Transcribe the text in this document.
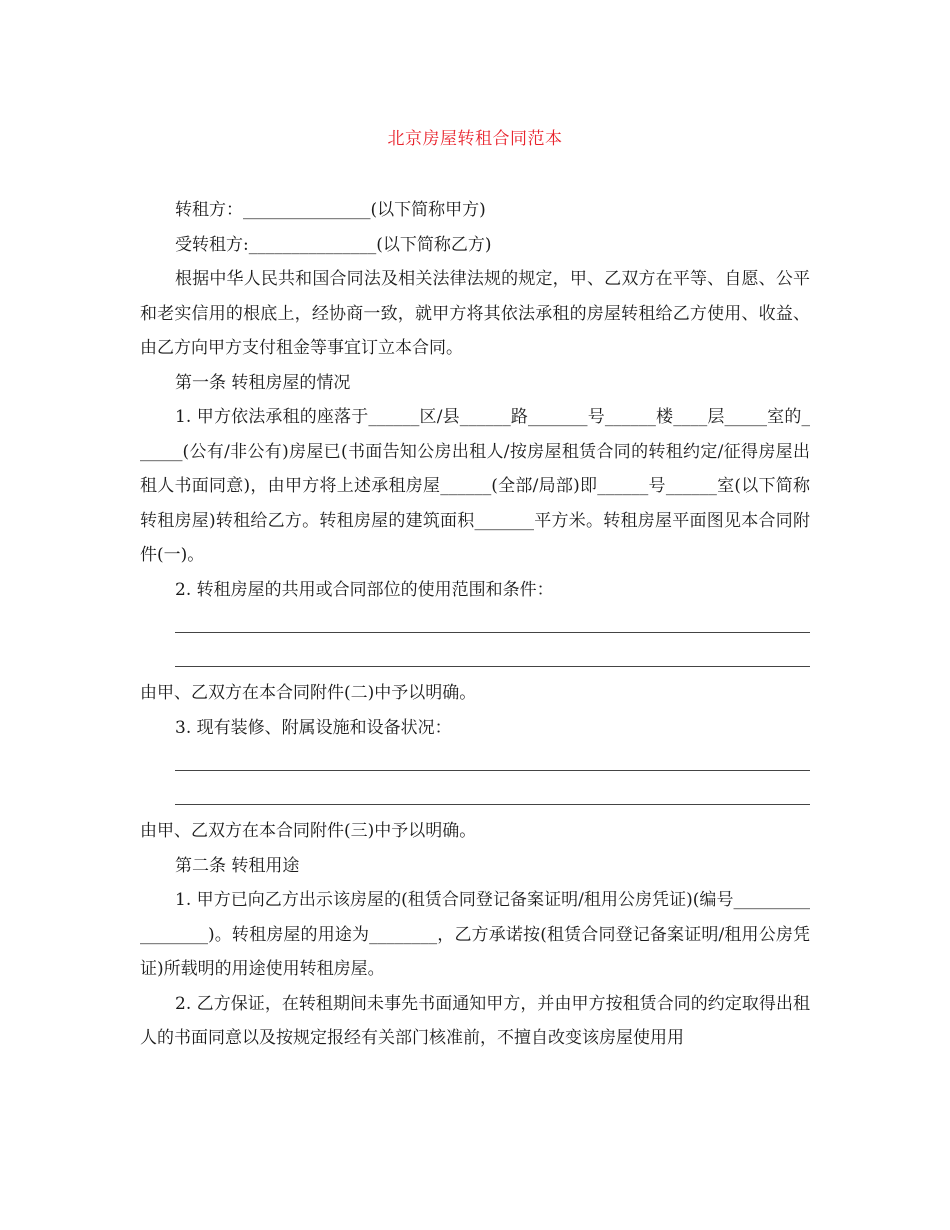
北京房屋转租合同范本

转租方：_______________(以下简称甲方)

受转租方:_______________(以下简称乙方)

根据中华人民共和国合同法及相关法律法规的规定，甲、乙双方在平等、自愿、公平和老实信用的根底上，经协商一致，就甲方将其依法承租的房屋转租给乙方使用、收益、由乙方向甲方支付租金等事宜订立本合同。

第一条 转租房屋的情况

1. 甲方依法承租的座落于______区/县______路_______号______楼____层_____室的______(公有/非公有)房屋已(书面告知公房出租人/按房屋租赁合同的转租约定/征得房屋出租人书面同意)，由甲方将上述承租房屋______(全部/局部)即______号______室(以下简称转租房屋)转租给乙方。转租房屋的建筑面积_______平方米。转租房屋平面图见本合同附件(一)。

2. 转租房屋的共用或合同部位的使用范围和条件：

由甲、乙双方在本合同附件(二)中予以明确。

3. 现有装修、附属设施和设备状况：

由甲、乙双方在本合同附件(三)中予以明确。

第二条 转租用途

1. 甲方已向乙方出示该房屋的(租赁合同登记备案证明/租用公房凭证)(编号_________________)。转租房屋的用途为________，乙方承诺按(租赁合同登记备案证明/租用公房凭证)所载明的用途使用转租房屋。

2. 乙方保证，在转租期间未事先书面通知甲方，并由甲方按租赁合同的约定取得出租人的书面同意以及按规定报经有关部门核准前，不擅自改变该房屋使用用
